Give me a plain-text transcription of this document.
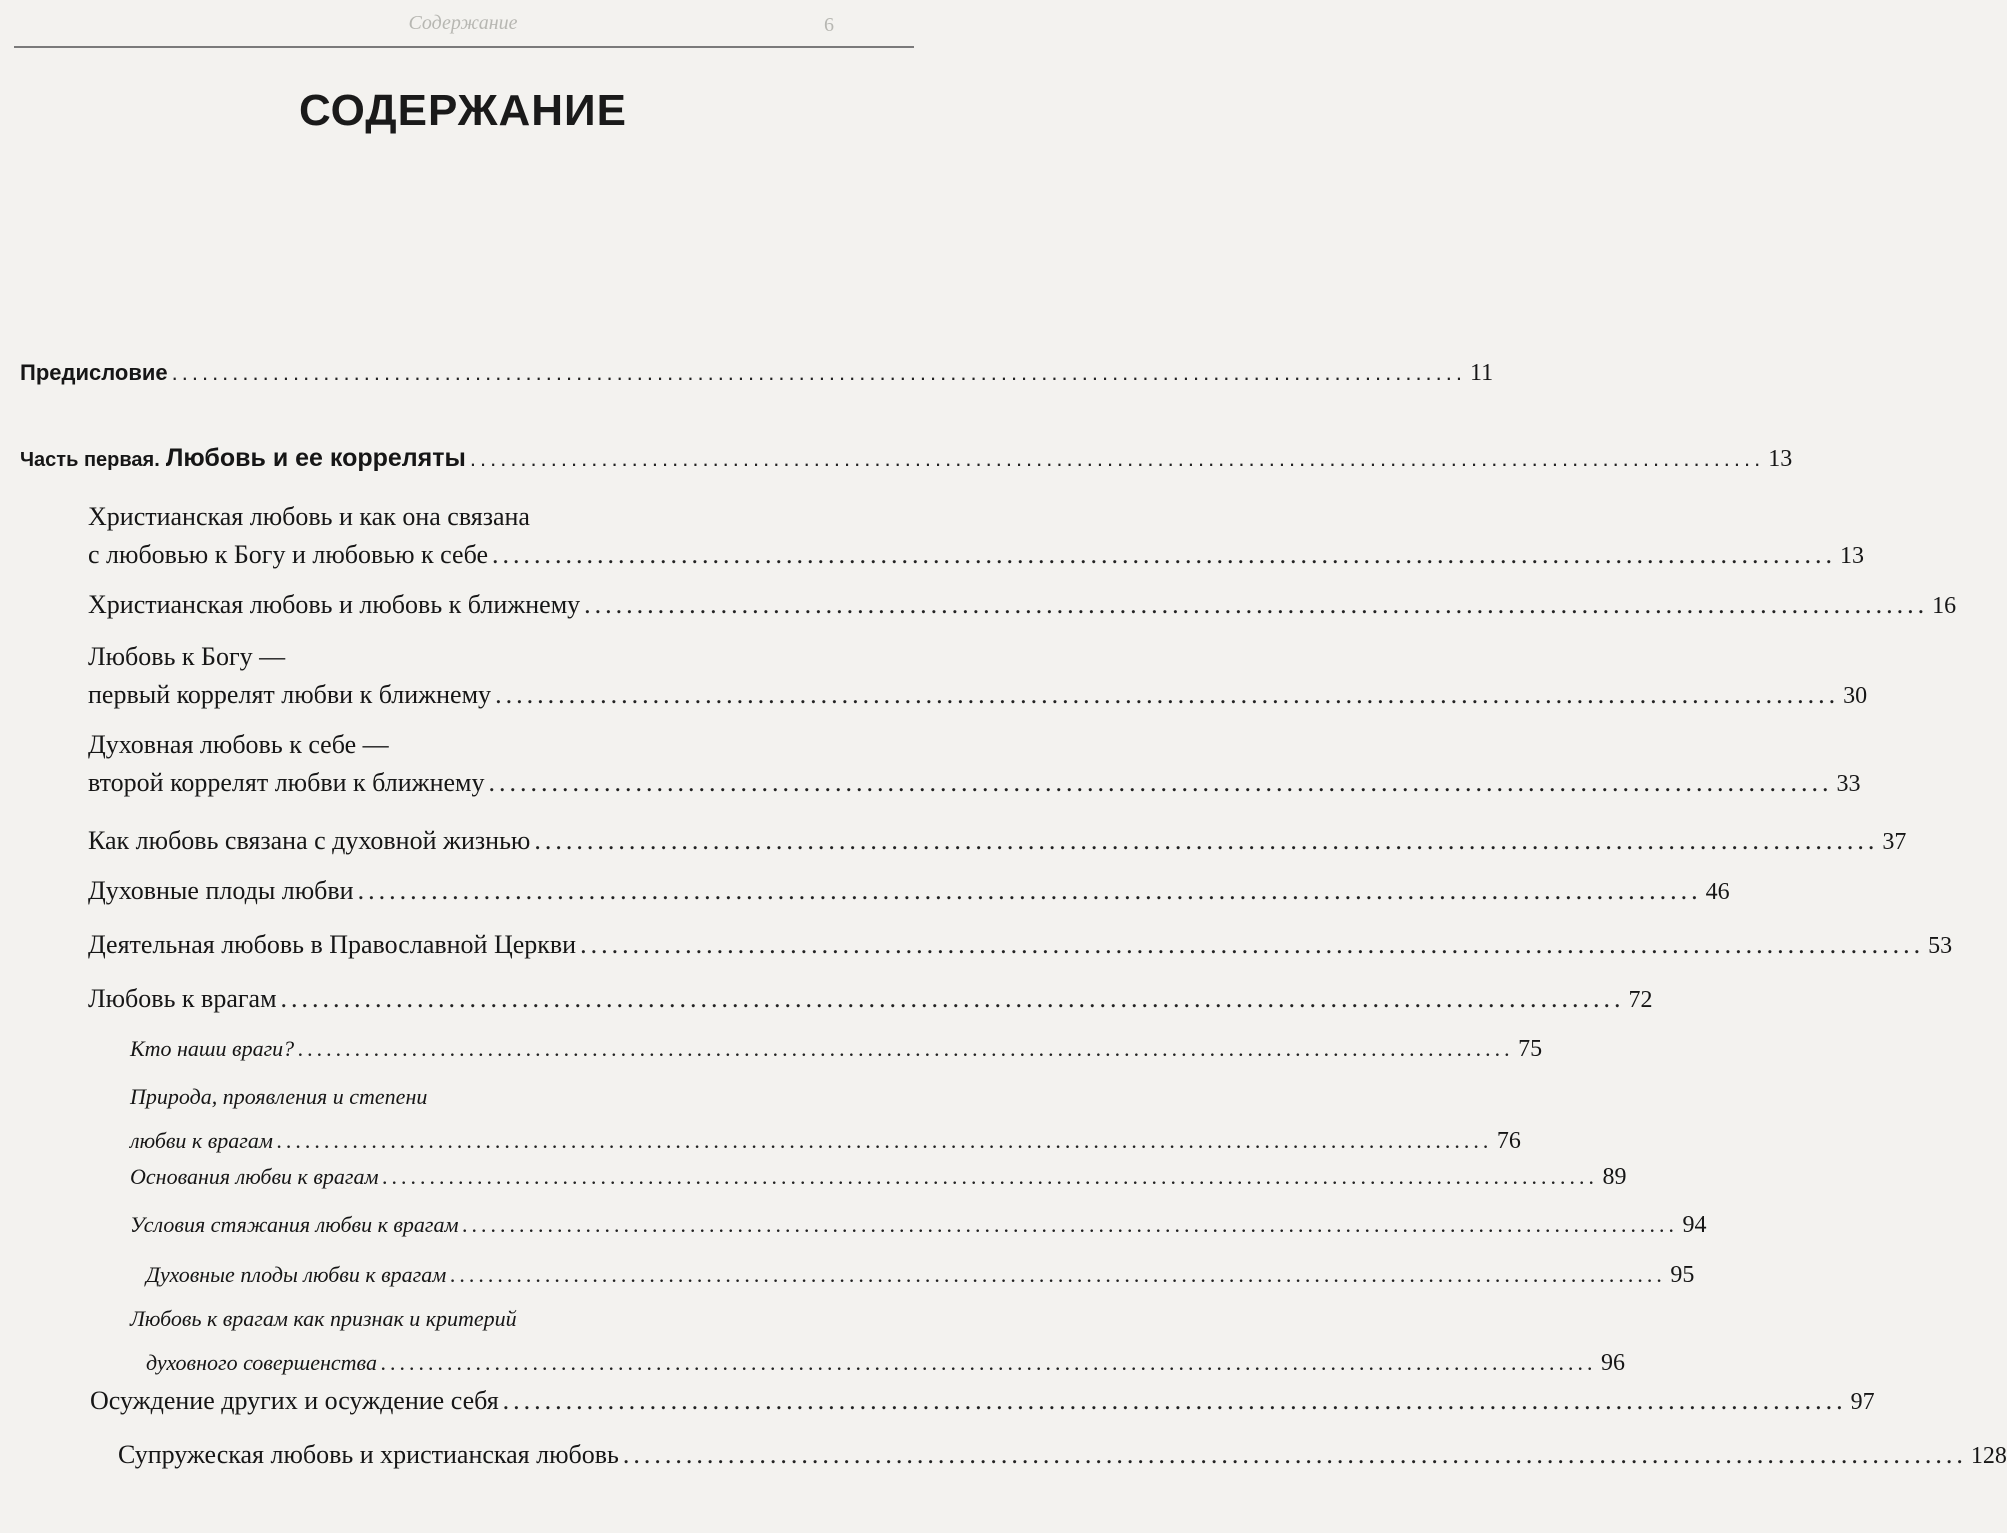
Содержание	6
СОДЕРЖАНИЕ
Предисловие ................................................................................................................................ 11
Часть первая. Любовь и ее корреляты ................................................................................................................................ 13
Христианская любовь и как она связана
с любовью к Богу и любовью к себе ................................................................................................................................ 13
Христианская любовь и любовь к ближнему ................................................................................................................................ 16
Любовь к Богу —
первый коррелят любви к ближнему ................................................................................................................................ 30
Духовная любовь к себе —
второй коррелят любви к ближнему ................................................................................................................................ 33
Как любовь связана с духовной жизнью ................................................................................................................................ 37
Духовные плоды любви ................................................................................................................................ 46
Деятельная любовь в Православной Церкви ................................................................................................................................ 53
Любовь к врагам ................................................................................................................................ 72
Кто наши враги? ................................................................................................................................ 75
Природа, проявления и степени
любви к врагам ................................................................................................................................ 76
Основания любви к врагам ................................................................................................................................ 89
Условия стяжания любви к врагам ................................................................................................................................ 94
Духовные плоды любви к врагам ................................................................................................................................ 95
Любовь к врагам как признак и критерий
духовного совершенства ................................................................................................................................ 96
Осуждение других и осуждение себя ................................................................................................................................ 97
Супружеская любовь и христианская любовь ................................................................................................................................ 128
